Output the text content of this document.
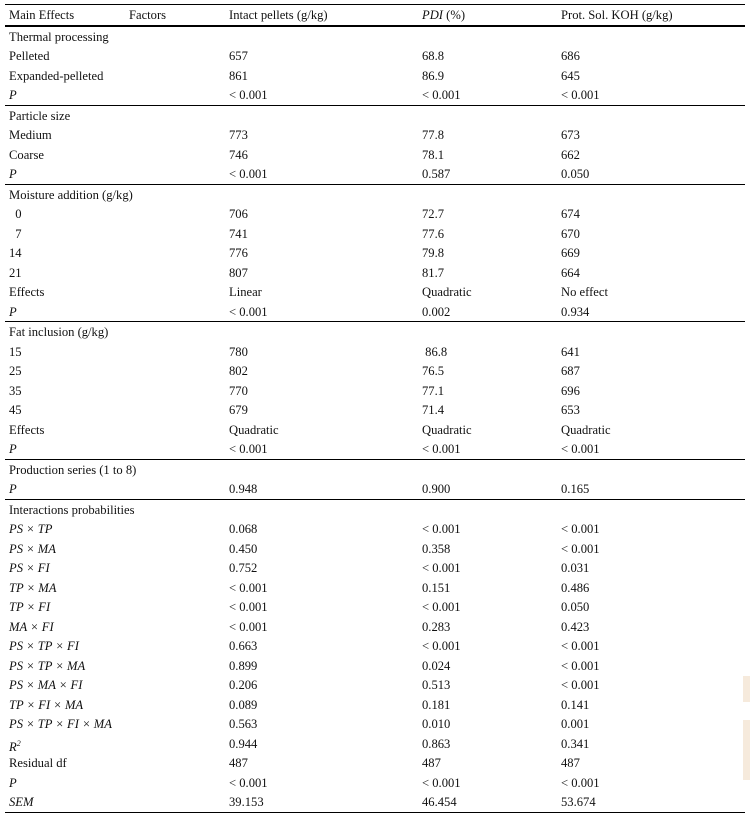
Main Effects	Factors	Intact pellets (g/kg)	PDI (%)	Prot. Sol. KOH (g/kg)
Thermal processing
Pelleted	657	68.8	686
Expanded-pelleted	861	86.9	645
P	< 0.001	< 0.001	< 0.001
Particle size
Medium	773	77.8	673
Coarse	746	78.1	662
P	< 0.001	0.587	0.050
Moisture addition (g/kg)
0	706	72.7	674
7	741	77.6	670
14	776	79.8	669
21	807	81.7	664
Effects	Linear	Quadratic	No effect
P	< 0.001	0.002	0.934
Fat inclusion (g/kg)
15	780	86.8	641
25	802	76.5	687
35	770	77.1	696
45	679	71.4	653
Effects	Quadratic	Quadratic	Quadratic
P	< 0.001	< 0.001	< 0.001
Production series (1 to 8)
P	0.948	0.900	0.165
Interactions probabilities
PS × TP	0.068	< 0.001	< 0.001
PS × MA	0.450	0.358	< 0.001
PS × FI	0.752	< 0.001	0.031
TP × MA	< 0.001	0.151	0.486
TP × FI	< 0.001	< 0.001	0.050
MA × FI	< 0.001	0.283	0.423
PS × TP × FI	0.663	< 0.001	< 0.001
PS × TP × MA	0.899	0.024	< 0.001
PS × MA × FI	0.206	0.513	< 0.001
TP × FI × MA	0.089	0.181	0.141
PS × TP × FI × MA	0.563	0.010	0.001
$R^2$	0.944	0.863	0.341
Residual df	487	487	487
P	< 0.001	< 0.001	< 0.001
SEM	39.153	46.454	53.674
